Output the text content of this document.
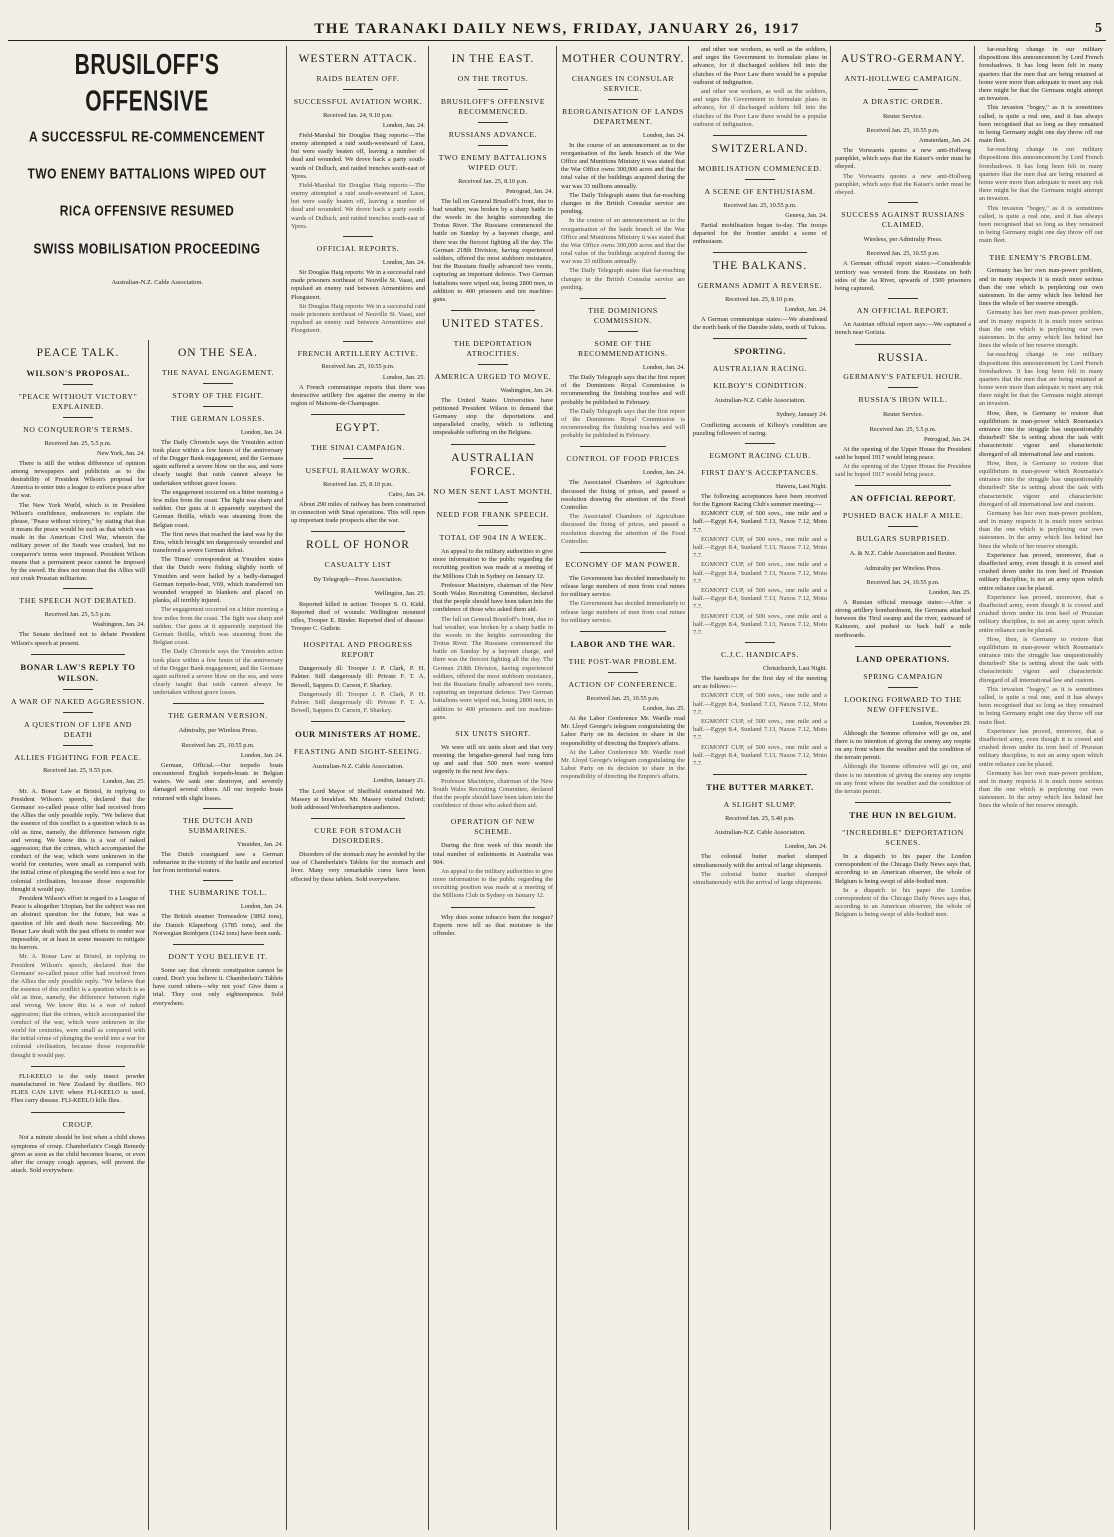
THE TARANAKI DAILY NEWS, FRIDAY, JANUARY 26, 1917	5
BRUSILOFF'S OFFENSIVE
A SUCCESSFUL RE-COMMENCEMENT
TWO ENEMY BATTALIONS WIPED OUT
RICA OFFENSIVE RESUMED
SWISS MOBILISATION PROCEEDING
Australian-N.Z. Cable Association.
PEACE TALK.
WILSON'S PROPOSAL.
"PEACE WITHOUT VICTORY" EXPLAINED.
NO CONQUEROR'S TERMS.
Received Jan. 25, 5.5 p.m.
New York, Jan. 24.

There is still the widest difference of opinion among newspapers and publicists as to the desirability of President Wilson's proposal for America to enter into a league to enforce peace after the war.

The New York World, which is in President Wilson's confidence, endeavours to explain the phrase, "Peace without victory," by stating that that it means the peace would be such as that which was made in the American Civil War, wherein the military power of the South was crushed, but no conqueror's terms were imposed. President Wilson means that a permanent peace cannot be imposed by the sword. He does not mean that the Allies will not crush Prussian militarism.

THE SPEECH NOT DEBATED.
Received Jan. 25, 5.5 p.m.
Washington, Jan. 24.

The Senate declined not to debate President Wilson's speech at present.

BONAR LAW'S REPLY TO WILSON.
A WAR OF NAKED AGGRESSION.
A QUESTION OF LIFE AND DEATH
ALLIES FIGHTING FOR PEACE.
Received Jan. 25, 9.55 p.m.
London, Jan. 25.

Mr. A. Bonar Law at Bristol, in replying to President Wilson's speech, declared that the Germans' so-called peace offer had received from the Allies the only possible reply. "We believe that the essence of this conflict is a question which is as old as time, namely, the difference between right and wrong. We know this is a war of naked aggression; that the crimes, which accompanied the conduct of the war, which were unknown in the world for centuries, were small as compared with the initial crime of plunging the world into a war for colonial civilisation, because those responsible thought it would pay.

President Wilson's effort in regard to a League of Peace is altogether Utopian, but the subject was not an abstract question for the future, but was a question of life and death now. Succeeding, Mr. Bonar Law dealt with the past efforts to render war impossible, or at least in some measure to mitigate its horrors.

Mr. A. Bonar Law at Bristol, in replying to President Wilson's speech, declared that the Germans' so-called peace offer had received from the Allies the only possible reply. "We believe that the essence of this conflict is a question which is as old as time, namely, the difference between right and wrong. We know this is a war of naked aggression; that the crimes, which accompanied the conduct of the war, which were unknown in the world for centuries, were small as compared with the initial crime of plunging the world into a war for colonial civilisation, because those responsible thought it would pay.

FLI-KEELO is the only insect powder manufactured in New Zealand by distillers. NO FLIES CAN LIVE where FLI-KEELO is used. Flies carry disease. FLI-KEELO kills flies.

CROUP.

Not a minute should be lost when a child shows symptoms of croup. Chamberlain's Cough Remedy given as soon as the child becomes hoarse, or even after the croupy cough appears, will prevent the attack. Sold everywhere.

ON THE SEA.
THE NAVAL ENGAGEMENT.
STORY OF THE FIGHT.
THE GERMAN LOSSES.
London, Jan. 24.

The Daily Chronicle says the Ymuiden action took place within a few hours of the anniversary of the Dogger Bank engagement, and the Germans again suffered a severe blow on the sea, and were clearly taught that raids cannot always be undertaken without grave losses.

The engagement occurred on a bitter morning a few miles from the coast. The fight was sharp and sudden. Our guns at it apparently surprised the German flotilla, which was steaming from the Belgian coast.

The first news that reached the land was by the Ems, which brought ten dangerously wounded and transferred a severe German defeat.

The Times' correspondent at Ymuiden states that the Dutch were fishing slightly north of Ymuiden and were hailed by a badly-damaged German torpedo-boat, V69, which transferred ten wounded wrapped in blankets and placed on planks, all terribly injured.

The engagement occurred on a bitter morning a few miles from the coast. The fight was sharp and sudden. Our guns at it apparently surprised the German flotilla, which was steaming from the Belgian coast.

The Daily Chronicle says the Ymuiden action took place within a few hours of the anniversary of the Dogger Bank engagement, and the Germans again suffered a severe blow on the sea, and were clearly taught that raids cannot always be undertaken without grave losses.

THE GERMAN VERSION.
Admiralty, per Wireless Press.
Received Jan. 25, 10.55 p.m.
London, Jan. 24.

German, Official.—Our torpedo boats encountered English torpedo-boats in Belgian waters. We sank one destroyer, and severely damaged several others. All our torpedo boats returned with slight losses.

THE DUTCH AND SUBMARINES.
Ymuiden, Jan. 24.

The Dutch coastguard saw a German submarine in the vicinity of the battle and escorted her from territorial waters.

THE SUBMARINE TOLL.
London, Jan. 24.

The British steamer Tremeadow (3892 tons), the Danish Klaperborg (1785 tons), and the Norwegian Reinbjørn (1142 tons) have been sunk.

DON'T YOU BELIEVE IT.

Some say that chronic constipation cannot be cured. Don't you believe it. Chamberlain's Tablets have cured others—why not you? Give them a trial. They cost only eighteenpence. Sold everywhere.

WESTERN ATTACK.
RAIDS BEATEN OFF.
SUCCESSFUL AVIATION WORK.
Received Jan. 24, 9.10 p.m.
London, Jan. 24.

Field-Marshal Sir Douglas Haig reports:—The enemy attempted a raid south-westward of Laon, but were easily beaten off, leaving a number of dead and wounded. We drove back a party south-wards of Dulluch, and raided trenches south-east of Ypres.

Field-Marshal Sir Douglas Haig reports:—The enemy attempted a raid south-westward of Laon, but were easily beaten off, leaving a number of dead and wounded. We drove back a party south-wards of Dulluch, and raided trenches south-east of Ypres.

OFFICIAL REPORTS.
London, Jan. 24.

Sir Douglas Haig reports: We in a successful raid made prisoners northeast of Neuville St. Vaast, and repulsed an enemy raid between Armentières and Ploegsteert.

Sir Douglas Haig reports: We in a successful raid made prisoners northeast of Neuville St. Vaast, and repulsed an enemy raid between Armentières and Ploegsteert.

FRENCH ARTILLERY ACTIVE.
Received Jan. 25, 10.55 p.m.
London, Jan. 25.

A French communique reports that there was destructive artillery fire against the enemy in the region of Maisons-de-Champagne.

EGYPT.
THE SINAI CAMPAIGN.
USEFUL RAILWAY WORK.
Received Jan. 25, 8.10 p.m.
Cairo, Jan. 24.

About 290 miles of railway has been constructed in connection with Sinai operations. This will open up important trade prospects after the war.

ROLL OF HONOR
CASUALTY LIST
By Telegraph—Press Association.
Wellington, Jan. 25.

Reported killed in action: Trooper S. O. Kidd. Reported died of wounds: Wellington mounted rifles, Trooper E. Binder. Reported died of disease: Trooper C. Guthrie.

HOSPITAL AND PROGRESS REPORT

Dangerously ill: Trooper J. P. Clark, P. H. Palmer. Still dangerously ill: Private F. T. A. Bowell, Sappers D. Carson, F. Sharkey.

Dangerously ill: Trooper J. P. Clark, P. H. Palmer. Still dangerously ill: Private F. T. A. Bowell, Sappers D. Carson, F. Sharkey.

OUR MINISTERS AT HOME.
FEASTING AND SIGHT-SEEING.
Australian-N.Z. Cable Association.
London, January 21.

The Lord Mayor of Sheffield entertained Mr. Massey at breakfast. Mr. Massey visited Oxford; both addressed Wolverhampton audiences.

CURE FOR STOMACH DISORDERS.

Disorders of the stomach may be avoided by the use of Chamberlain's Tablets for the stomach and liver. Many very remarkable cures have been effected by these tablets. Sold everywhere.

IN THE EAST.
ON THE TROTUS.
BRUSILOFF'S OFFENSIVE RECOMMENCED.
RUSSIANS ADVANCE.
TWO ENEMY BATTALIONS WIPED OUT.
Received Jan. 25, 8.10 p.m.
Petrograd, Jan. 24.

The lull on General Brusiloff's front, due to bad weather, was broken by a sharp battle in the woods in the heights surrounding the Trotus River. The Russians commenced the battle on Sunday by a bayonet charge, and there was the fiercest fighting all the day. The German 218th Division, having experienced soldiers, offered the most stubborn resistance, but the Russians finally advanced two versts, capturing an important defence. Two German battalions were wiped out, losing 2800 men, in addition to 400 prisoners and ten machine-guns.

UNITED STATES.
THE DEPORTATION ATROCITIES.
AMERICA URGED TO MOVE.
Washington, Jan. 24.

The United States Universities have petitioned President Wilson to demand that Germany stop the deportations and unparalleled cruelty, which is inflicting unspeakable suffering on the Belgians.

AUSTRALIAN FORCE.
NO MEN SENT LAST MONTH.
NEED FOR FRANK SPEECH.
TOTAL OF 904 IN A WEEK.

An appeal to the military authorities to give more information to the public regarding the recruiting position was made at a meeting of the Millions Club in Sydney on January 12.

Professor Macintyre, chairman of the New South Wales Recruiting Committee, declared that the people should have been taken into the confidence of those who asked them aid.

The lull on General Brusiloff's front, due to bad weather, was broken by a sharp battle in the woods in the heights surrounding the Trotus River. The Russians commenced the battle on Sunday by a bayonet charge, and there was the fiercest fighting all the day. The German 218th Division, having experienced soldiers, offered the most stubborn resistance, but the Russians finally advanced two versts, capturing an important defence. Two German battalions were wiped out, losing 2800 men, in addition to 400 prisoners and ten machine-guns.

SIX UNITS SHORT.

We were still six units short and that very morning the brigadier-general had rung him up and said that 500 men were wanted urgently in the next few days.

Professor Macintyre, chairman of the New South Wales Recruiting Committee, declared that the people should have been taken into the confidence of those who asked them aid.

OPERATION OF NEW SCHEME.

During the first week of this month the total number of enlistments in Australia was 904.

An appeal to the military authorities to give more information to the public regarding the recruiting position was made at a meeting of the Millions Club in Sydney on January 12.

Why does some tobacco burn the tongue? Experts now tell us that moisture is the offender.

MOTHER COUNTRY.
CHANGES IN CONSULAR SERVICE.
REORGANISATION OF LANDS DEPARTMENT.
London, Jan. 24.

In the course of an announcement as to the reorganisation of the lands branch of the War Office and Munitions Ministry it was stated that the War Office owns 300,000 acres and that the total value of the buildings acquired during the war was 33 millions annually.

The Daily Telegraph states that far-reaching changes in the British Consular service are pending.

In the course of an announcement as to the reorganisation of the lands branch of the War Office and Munitions Ministry it was stated that the War Office owns 300,000 acres and that the total value of the buildings acquired during the war was 33 millions annually.

The Daily Telegraph states that far-reaching changes in the British Consular service are pending.

THE DOMINIONS COMMISSION.
SOME OF THE RECOMMENDATIONS.
London, Jan. 24.

The Daily Telegraph says that the first report of the Dominions Royal Commission is recommending the finishing touches and will probably be published in February.

The Daily Telegraph says that the first report of the Dominions Royal Commission is recommending the finishing touches and will probably be published in February.

CONTROL OF FOOD PRICES
London, Jan. 24.

The Associated Chambers of Agriculture discussed the fixing of prices, and passed a resolution drawing the attention of the Food Controller.

The Associated Chambers of Agriculture discussed the fixing of prices, and passed a resolution drawing the attention of the Food Controller.

ECONOMY OF MAN POWER.

The Government has decided immediately to release large numbers of men from coal mines for military service.

The Government has decided immediately to release large numbers of men from coal mines for military service.

LABOR AND THE WAR.
THE POST-WAR PROBLEM.
ACTION OF CONFERENCE.
Received Jan. 25, 10.55 p.m.
London, Jan. 25.

At the Labor Conference Mr. Wardle read Mr. Lloyd George's telegram congratulating the Labor Party on its decision to share in the responsibility of directing the Empire's affairs.

At the Labor Conference Mr. Wardle read Mr. Lloyd George's telegram congratulating the Labor Party on its decision to share in the responsibility of directing the Empire's affairs.

and other war workers, as well as the soldiers, and urges the Government to formulate plans in advance, for if discharged soldiers fell into the clutches of the Poor Law there would be a popular outburst of indignation.

and other war workers, as well as the soldiers, and urges the Government to formulate plans in advance, for if discharged soldiers fell into the clutches of the Poor Law there would be a popular outburst of indignation.

SWITZERLAND.
MOBILISATION COMMENCED.
A SCENE OF ENTHUSIASM.
Received Jan. 25, 10.55 p.m.
Geneva, Jan. 24.

Partial mobilisation began to-day. The troops departed for the frontier amidst a scene of enthusiasm.

THE BALKANS.
GERMANS ADMIT A REVERSE.
Received Jan. 25, 8.10 p.m.
London, Jan. 24.

A German communique states:—We abandoned the north bank of the Danube islets, north of Tulcea.

SPORTING.
AUSTRALIAN RACING.
KILBOY'S CONDITION.
Australian-N.Z. Cable Association.
Sydney, January 24.

Conflicting accounts of Kilboy's condition are puzzling followers of racing.

EGMONT RACING CLUB.
FIRST DAY'S ACCEPTANCES.
Hawera, Last Night.

The following acceptances have been received for the Egmont Racing Club's summer meeting:—

EGMONT CUP, of 500 sovs., one mile and a half.—Egypt 8.4, Sunland 7.13, Naxos 7.12, Motu 7.7.

EGMONT CUP, of 500 sovs., one mile and a half.—Egypt 8.4, Sunland 7.13, Naxos 7.12, Motu 7.7.

EGMONT CUP, of 500 sovs., one mile and a half.—Egypt 8.4, Sunland 7.13, Naxos 7.12, Motu 7.7.

EGMONT CUP, of 500 sovs., one mile and a half.—Egypt 8.4, Sunland 7.13, Naxos 7.12, Motu 7.7.

EGMONT CUP, of 500 sovs., one mile and a half.—Egypt 8.4, Sunland 7.13, Naxos 7.12, Motu 7.7.

C.J.C. HANDICAPS.
Christchurch, Last Night.

The handicaps for the first day of the meeting are as follows:—

EGMONT CUP, of 500 sovs., one mile and a half.—Egypt 8.4, Sunland 7.13, Naxos 7.12, Motu 7.7.

EGMONT CUP, of 500 sovs., one mile and a half.—Egypt 8.4, Sunland 7.13, Naxos 7.12, Motu 7.7.

EGMONT CUP, of 500 sovs., one mile and a half.—Egypt 8.4, Sunland 7.13, Naxos 7.12, Motu 7.7.

THE BUTTER MARKET.
A SLIGHT SLUMP.
Received Jan. 25, 5.40 p.m.
Australian-N.Z. Cable Association.
London, Jan. 24.

The colonial butter market slumped simultaneously with the arrival of large shipments.

The colonial butter market slumped simultaneously with the arrival of large shipments.

AUSTRO-GERMANY.
ANTI-HOLLWEG CAMPAIGN.
A DRASTIC ORDER.
Reuter Service.
Received Jan. 25, 10.55 p.m.
Amsterdam, Jan. 24.

The Vorwaerts quotes a new anti-Hollweg pamphlet, which says that the Kaiser's order must be obeyed.

The Vorwaerts quotes a new anti-Hollweg pamphlet, which says that the Kaiser's order must be obeyed.

SUCCESS AGAINST RUSSIANS CLAIMED.
Wireless, per Admiralty Press.
Received Jan. 25, 10.55 p.m.

A German official report states:—Considerable territory was wrested from the Russians on both sides of the Aa River, upwards of 1500 prisoners being captured.

AN OFFICIAL REPORT.

An Austrian official report says:—We captured a trench near Gorizia.

RUSSIA.
GERMANY'S FATEFUL HOUR.
RUSSIA'S IRON WILL.
Reuter Service.
Received Jan. 25, 5.5 p.m.
Petrograd, Jan. 24.

At the opening of the Upper House the President said he hoped 1917 would bring peace.

At the opening of the Upper House the President said he hoped 1917 would bring peace.

AN OFFICIAL REPORT.
PUSHED BACK HALF A MILE.
BULGARS SURPRISED.
A. & N.Z. Cable Association and Reuter.
Admiralty per Wireless Press.
Received Jan. 24, 10.55 p.m.
London, Jan. 25.

A Russian official message states:—After a strong artillery bombardment, the Germans attacked between the Tirul swamp and the river, eastward of Kalnzem, and pushed us back half a mile northwards.

LAND OPERATIONS.
SPRING CAMPAIGN
LOOKING FORWARD TO THE NEW OFFENSIVE.
London, November 29.

Although the Somme offensive will go on, and there is no intention of giving the enemy any respite on any front where the weather and the condition of the terrain permit.

Although the Somme offensive will go on, and there is no intention of giving the enemy any respite on any front where the weather and the condition of the terrain permit.

THE HUN IN BELGIUM.
"INCREDIBLE" DEPORTATION SCENES.

In a dispatch to his paper the London correspondent of the Chicago Daily News says that, according to an American observer, the whole of Belgium is being swept of able-bodied men.

In a dispatch to his paper the London correspondent of the Chicago Daily News says that, according to an American observer, the whole of Belgium is being swept of able-bodied men.

far-reaching change in our military dispositions this announcement by Lord French foreshadows. It has long been felt in many quarters that the men that are being retained at home were more than adequate to meet any risk there might be that the Germans might attempt an invasion.

This invasion "bogey," as it is sometimes called, is quite a real one, and it has always been recognised that so long as they remained in being Germany might one day throw off our main fleet.

far-reaching change in our military dispositions this announcement by Lord French foreshadows. It has long been felt in many quarters that the men that are being retained at home were more than adequate to meet any risk there might be that the Germans might attempt an invasion.

This invasion "bogey," as it is sometimes called, is quite a real one, and it has always been recognised that so long as they remained in being Germany might one day throw off our main fleet.

THE ENEMY'S PROBLEM.

Germany has her own man-power problem, and in many respects it is much more serious than the one which is perplexing our own statesmen. In the army which lies behind her lines the whole of her reserve strength.

Germany has her own man-power problem, and in many respects it is much more serious than the one which is perplexing our own statesmen. In the army which lies behind her lines the whole of her reserve strength.

far-reaching change in our military dispositions this announcement by Lord French foreshadows. It has long been felt in many quarters that the men that are being retained at home were more than adequate to meet any risk there might be that the Germans might attempt an invasion.

How, then, is Germany to restore that equilibrium in man-power which Roumania's entrance into the struggle has unquestionably disturbed? She is setting about the task with characteristic vigour and characteristic disregard of all international law and custom.

How, then, is Germany to restore that equilibrium in man-power which Roumania's entrance into the struggle has unquestionably disturbed? She is setting about the task with characteristic vigour and characteristic disregard of all international law and custom.

Germany has her own man-power problem, and in many respects it is much more serious than the one which is perplexing our own statesmen. In the army which lies behind her lines the whole of her reserve strength.

Experience has proved, moreover, that a disaffected army, even though it is cowed and crushed down under its iron heel of Prussian military discipline, is not an army upon which entire reliance can be placed.

Experience has proved, moreover, that a disaffected army, even though it is cowed and crushed down under its iron heel of Prussian military discipline, is not an army upon which entire reliance can be placed.

How, then, is Germany to restore that equilibrium in man-power which Roumania's entrance into the struggle has unquestionably disturbed? She is setting about the task with characteristic vigour and characteristic disregard of all international law and custom.

This invasion "bogey," as it is sometimes called, is quite a real one, and it has always been recognised that so long as they remained in being Germany might one day throw off our main fleet.

Experience has proved, moreover, that a disaffected army, even though it is cowed and crushed down under its iron heel of Prussian military discipline, is not an army upon which entire reliance can be placed.

Germany has her own man-power problem, and in many respects it is much more serious than the one which is perplexing our own statesmen. In the army which lies behind her lines the whole of her reserve strength.
